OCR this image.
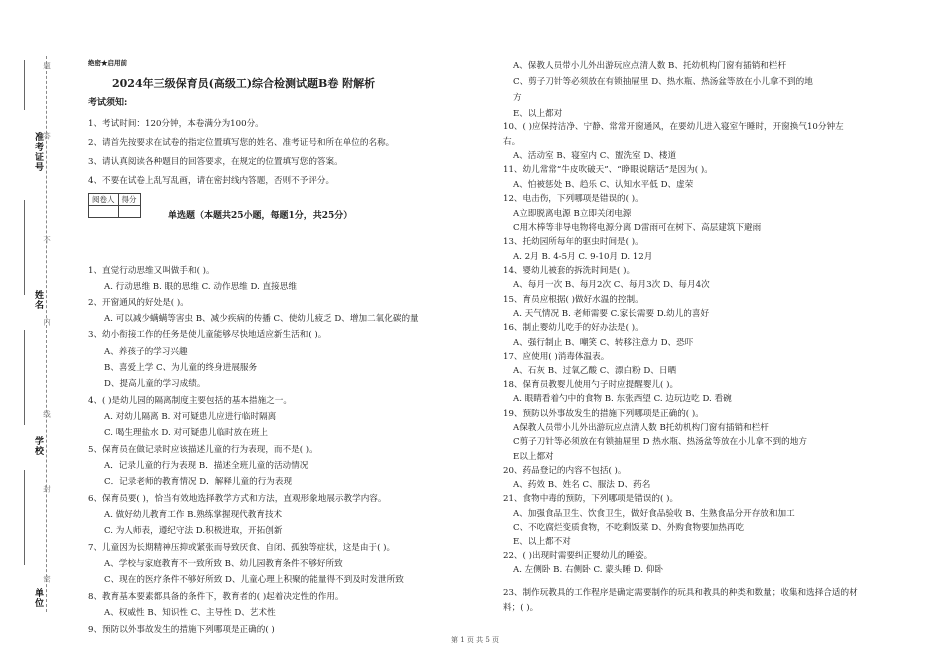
准考证号
姓名
学校
单位
题
答
不
内
线
封
密
绝密★启用前
2024年三级保育员(高级工)综合检测试题B卷 附解析
考试须知:
1、考试时间：120分钟，本卷满分为100分。
2、请首先按要求在试卷的指定位置填写您的姓名、准考证号和所在单位的名称。
3、请认真阅读各种题目的回答要求，在规定的位置填写您的答案。
4、不要在试卷上乱写乱画，请在密封线内答题，否则不予评分。
阅卷人	得分

单选题（本题共25小题，每题1分，共25分）
1、直觉行动思维又叫做手和( )。
A. 行动思维 B. 眼的思维 C. 动作思维 D. 直接思维
2、开窗通风的好处是( )。
A. 可以减少螨螨等害虫 B、减少疾病的传播 C、使幼儿疲乏 D、增加二氧化碳的量
3、幼小衔接工作的任务是使儿童能够尽快地适应新生活和( )。
A、养孩子的学习兴趣
B、喜爱上学 C、为儿童的终身进展服务
D、提高儿童的学习成绩。
4、( )是幼儿园的隔离制度主要包括的基本措施之一。
A. 对幼儿隔离 B. 对可疑患儿应进行临时隔离
C. 喝生理盐水 D. 对可疑患儿临时放在班上
5、保育员在做记录时应该描述儿童的行为表现，而不是( )。
A．记录儿童的行为表现 B．描述全班儿童的活动情况
C．记录老师的教育情况 D．解释儿童的行为表现
6、保育员要( )，恰当有效地选择教学方式和方法，直观形象地展示教学内容。
A. 做好幼儿教育工作 B.熟练掌握现代教育技术
C. 为人师表，遵纪守法 D.积极进取，开拓创新
7、儿童因为长期精神压抑或紧张而导致厌食、自闭、孤独等症状，这是由于( )。
A、学校与家庭教育不一致所致 B、幼儿园教育条件不够好所致
C、现在的医疗条件不够好所致 D、儿童心理上积聚的能量得不到及时发泄所致
8、教育基本要素都具备的条件下，教育者的( )起着决定性的作用。
A、权威性 B、知识性 C、主导性 D、艺术性
9、预防以外事故发生的措施下列哪项是正确的( )
A、保教人员带小儿外出游玩应点清人数 B、托幼机构门窗有插销和栏杆
C、剪子刀针等必须放在有锁抽屉里 D、热水瓶、热汤盆等放在小儿拿不到的地
方
E、以上都对
10、( )应保持洁净、宁静、常常开窗通风，在要幼儿进入寝室午睡时，开窗换气10分钟左
右。
A、活动室 B、寝室内 C、盥洗室 D、楼道
11、幼儿常常“牛皮吹破天”、“睁眼说瞎话”是因为( )。
A、怕被惩处 B、趋乐 C、认知水平低 D、虚荣
12、电击伤，下列哪项是错误的( )。
A立即脱离电源 B立即关闭电源
C用木棒等非导电物将电源分离 D雷雨可在树下、高层建筑下避雨
13、托幼园所每年的驱虫时间是( )。
A. 2月 B. 4-5月 C. 9-10月 D. 12月
14、婴幼儿被套的拆洗时间是( )。
A、每月一次 B、每月2次 C、每月3次 D、每月4次
15、育员应根据( )做好水温的控制。
A. 天气情况 B. 老师需要 C.家长需要 D.幼儿的喜好
16、制止婴幼儿吃手的好办法是( )。
A、强行制止 B、嘲笑 C、转移注意力 D、恐吓
17、应使用( )消毒体温表。
A、石灰 B、过氧乙酸 C、漂白粉 D、日晒
18、保育员教婴儿使用勺子时应提醒婴儿( )。
A. 眼睛看着勺中的食物 B. 东张西望 C. 边玩边吃 D. 看碗
19、预防以外事故发生的措施下列哪项是正确的( )。
A保教人员带小儿外出游玩应点清人数 B托幼机构门窗有插销和栏杆
C剪子刀针等必须放在有锁抽屉里 D 热水瓶、热汤盆等放在小儿拿不到的地方
E以上都对
20、药品登记的内容不包括( )。
A、药效 B、姓名 C、服法 D、药名
21、食物中毒的预防，下列哪项是错误的( )。
A、加强食品卫生、饮食卫生，做好食品验收 B、生熟食品分开存放和加工
C、不吃腐烂变质食物，不吃剩饭菜 D、外购食物要加热再吃
E、以上都不对
22、( )出现时需要纠正婴幼儿的睡姿。
A. 左侧卧 B. 右侧卧 C. 蒙头睡 D. 仰卧
23、制作玩教具的工作程序是确定需要制作的玩具和教具的种类和数量；收集和选择合适的材
料；( )。
第 1 页 共 5 页
